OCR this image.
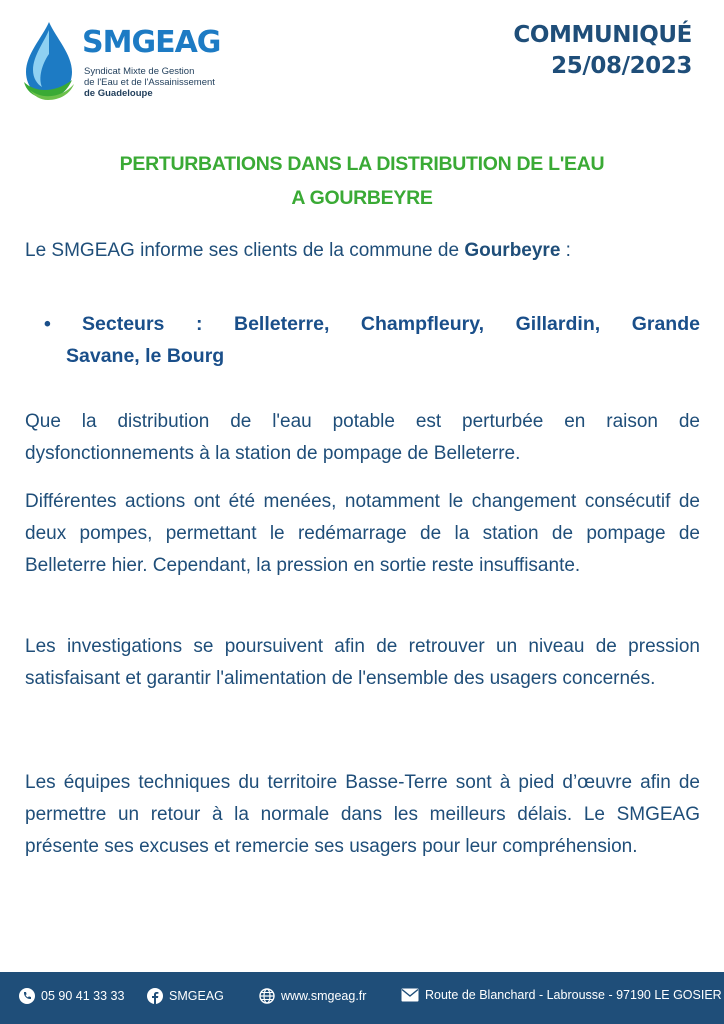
SMGEAG
Syndicat Mixte de Gestion
de l'Eau et de l'Assainissement
de Guadeloupe
COMMUNIQUÉ
25/08/2023
PERTURBATIONS DANS LA DISTRIBUTION DE L'EAU
A GOURBEYRE
Le SMGEAG informe ses clients de la commune de Gourbeyre :
• Secteurs : Belleterre, Champfleury, Gillardin, Grande
Savane, le Bourg
Que la distribution de l'eau potable est perturbée en raison de dysfonctionnements à la station de pompage de Belleterre.
Différentes actions ont été menées, notamment le changement consécutif de deux pompes, permettant le redémarrage de la station de pompage de Belleterre hier. Cependant, la pression en sortie reste insuffisante.
Les investigations se poursuivent afin de retrouver un niveau de pression satisfaisant et garantir l'alimentation de l'ensemble des usagers concernés.
Les équipes techniques du territoire Basse-Terre sont à pied d’œuvre afin de permettre un retour à la normale dans les meilleurs délais. Le SMGEAG présente ses excuses et remercie ses usagers pour leur compréhension.
05 90 41 33 33	SMGEAG	www.smgeag.fr	Route de Blanchard - Labrousse - 97190 LE GOSIER
